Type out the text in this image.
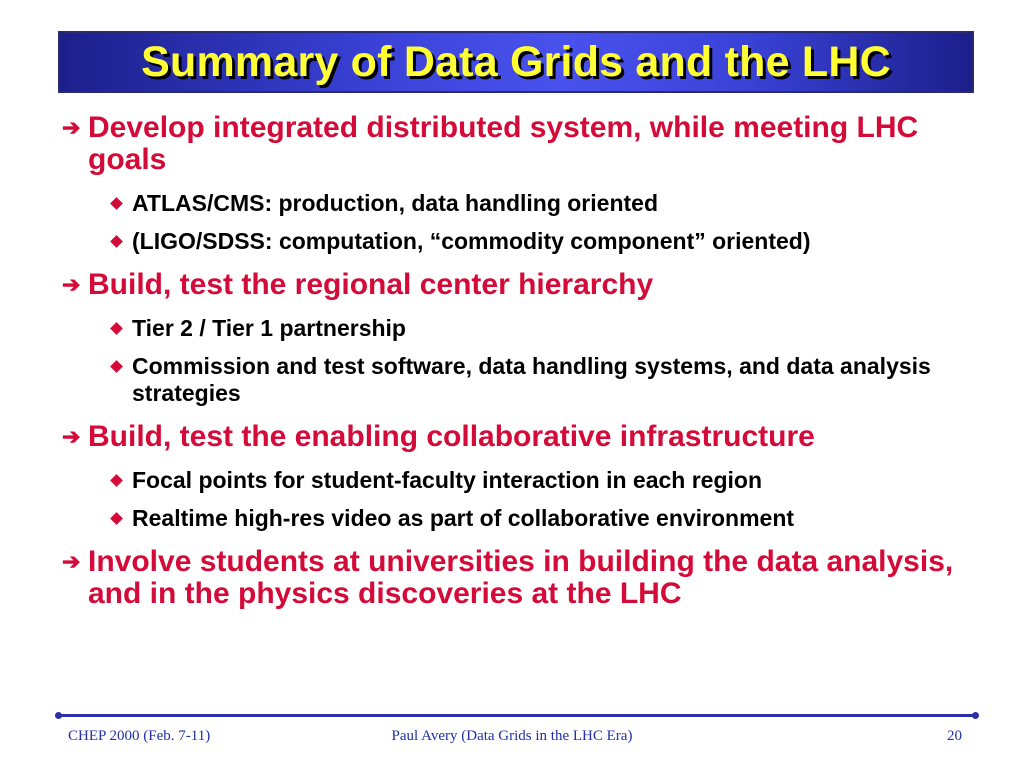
Summary of Data Grids and the LHC
➔ Develop integrated distributed system, while meeting LHC goals
ATLAS/CMS: production, data handling oriented
(LIGO/SDSS: computation, “commodity component” oriented)
➔ Build, test the regional center hierarchy
Tier 2 / Tier 1 partnership
Commission and test software, data handling systems, and data analysis strategies
➔ Build, test the enabling collaborative infrastructure
Focal points for student-faculty interaction in each region
Realtime high-res video as part of collaborative environment
➔ Involve students at universities in building the data analysis, and in the physics discoveries at the LHC
CHEP 2000 (Feb. 7-11)	Paul Avery (Data Grids in the LHC Era)	20
